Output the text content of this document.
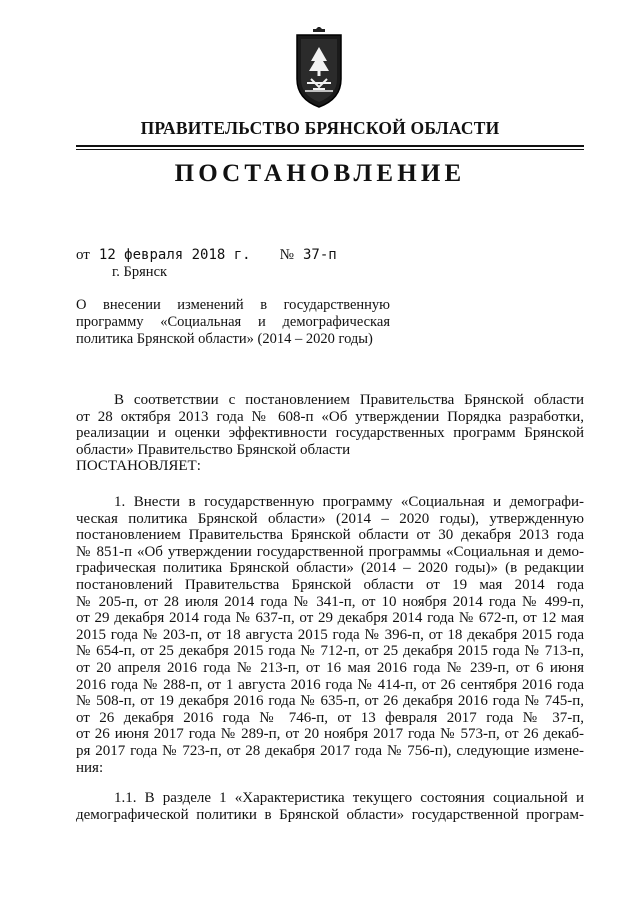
ПРАВИТЕЛЬСТВО БРЯНСКОЙ ОБЛАСТИ
ПОСТАНОВЛЕНИЕ
от 12 февраля 2018 г. № 37-п
г. Брянск
О внесении изменений в государственную
программу «Социальная и демографическая
политика Брянской области» (2014 – 2020 годы)
В соответствии с постановлением Правительства Брянской области
от 28 октября 2013 года № 608-п «Об утверждении Порядка разработки,
реализации и оценки эффективности государственных программ Брянской
области» Правительство Брянской области
ПОСТАНОВЛЯЕТ:
1. Внести в государственную программу «Социальная и демографи-
ческая политика Брянской области» (2014 – 2020 годы), утвержденную
постановлением Правительства Брянской области от 30 декабря 2013 года
№ 851-п «Об утверждении государственной программы «Социальная и демо-
графическая политика Брянской области» (2014 – 2020 годы)» (в редакции
постановлений Правительства Брянской области от 19 мая 2014 года
№ 205-п, от 28 июля 2014 года № 341-п, от 10 ноября 2014 года № 499-п,
от 29 декабря 2014 года № 637-п, от 29 декабря 2014 года № 672-п, от 12 мая
2015 года № 203-п, от 18 августа 2015 года № 396-п, от 18 декабря 2015 года
№ 654-п, от 25 декабря 2015 года № 712-п, от 25 декабря 2015 года № 713-п,
от 20 апреля 2016 года № 213-п, от 16 мая 2016 года № 239-п, от 6 июня
2016 года № 288-п, от 1 августа 2016 года № 414-п, от 26 сентября 2016 года
№ 508-п, от 19 декабря 2016 года № 635-п, от 26 декабря 2016 года № 745-п,
от 26 декабря 2016 года № 746-п, от 13 февраля 2017 года № 37-п,
от 26 июня 2017 года № 289-п, от 20 ноября 2017 года № 573-п, от 26 декаб-
ря 2017 года № 723-п, от 28 декабря 2017 года № 756-п), следующие измене-
ния:
1.1. В разделе 1 «Характеристика текущего состояния социальной и
демографической политики в Брянской области» государственной програм-
